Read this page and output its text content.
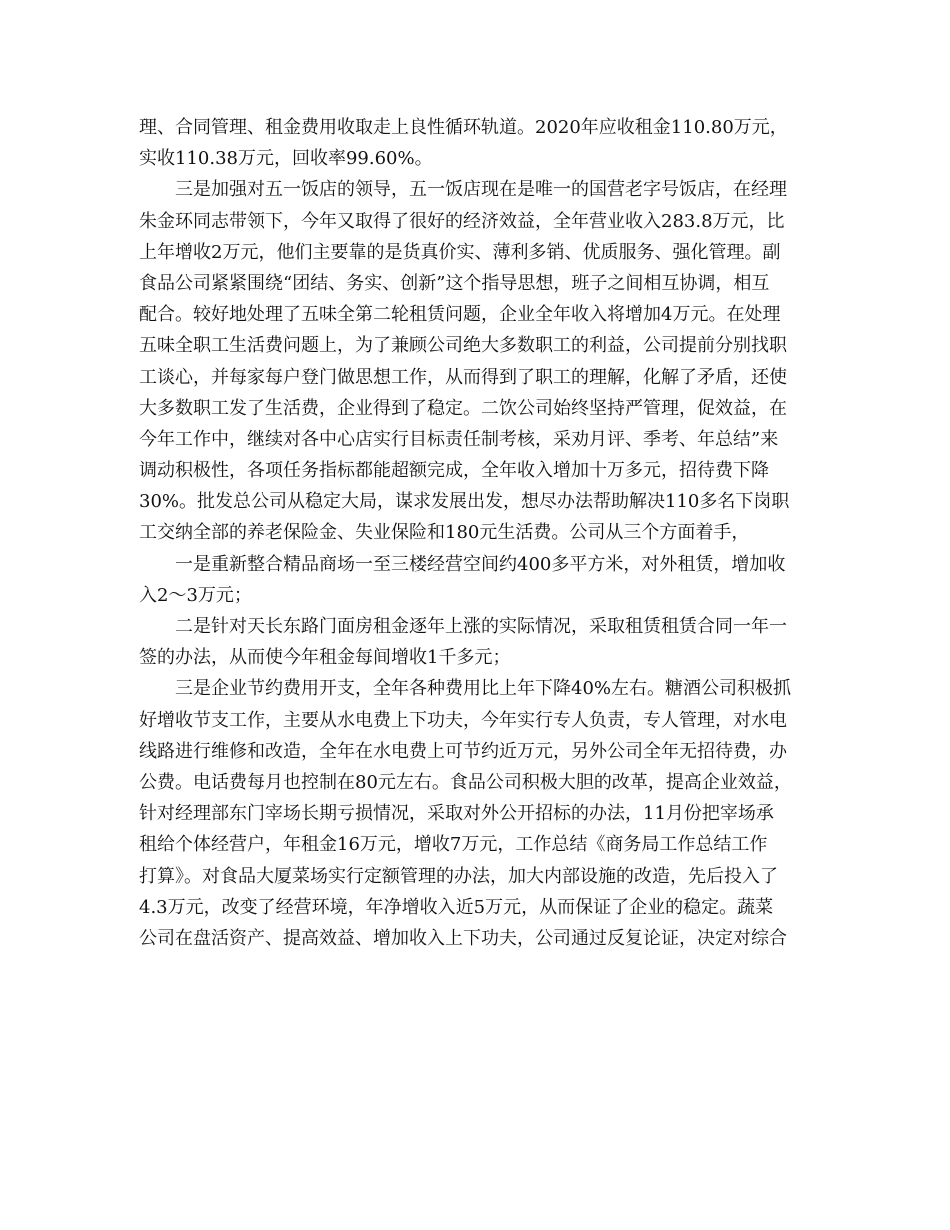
理、合同管理、租金费用收取走上良性循环轨道。2020年应收租金110.80万元，
实收110.38万元，回收率99.60%。
三是加强对五一饭店的领导，五一饭店现在是唯一的国营老字号饭店，在经理
朱金环同志带领下，今年又取得了很好的经济效益，全年营业收入283.8万元，比
上年增收2万元，他们主要靠的是货真价实、薄利多销、优质服务、强化管理。副
食品公司紧紧围绕“团结、务实、创新”这个指导思想，班子之间相互协调，相互
配合。较好地处理了五味全第二轮租赁问题，企业全年收入将增加4万元。在处理
五味全职工生活费问题上，为了兼顾公司绝大多数职工的利益，公司提前分别找职
工谈心，并每家每户登门做思想工作，从而得到了职工的理解，化解了矛盾，还使
大多数职工发了生活费，企业得到了稳定。二饮公司始终坚持严管理，促效益，在
今年工作中，继续对各中心店实行目标责任制考核，采劝月评、季考、年总结”来
调动积极性，各项任务指标都能超额完成，全年收入增加十万多元，招待费下降
30%。批发总公司从稳定大局，谋求发展出发，想尽办法帮助解决110多名下岗职
工交纳全部的养老保险金、失业保险和180元生活费。公司从三个方面着手，
一是重新整合精品商场一至三楼经营空间约400多平方米，对外租赁，增加收
入2～3万元；
二是针对天长东路门面房租金逐年上涨的实际情况，采取租赁租赁合同一年一
签的办法，从而使今年租金每间增收1千多元；
三是企业节约费用开支，全年各种费用比上年下降40%左右。糖酒公司积极抓
好增收节支工作，主要从水电费上下功夫，今年实行专人负责，专人管理，对水电
线路进行维修和改造，全年在水电费上可节约近万元，另外公司全年无招待费，办
公费。电话费每月也控制在80元左右。食品公司积极大胆的改革，提高企业效益，
针对经理部东门宰场长期亏损情况，采取对外公开招标的办法，11月份把宰场承
租给个体经营户，年租金16万元，增收7万元，工作总结《商务局工作总结工作
打算》。对食品大厦菜场实行定额管理的办法，加大内部设施的改造，先后投入了
4.3万元，改变了经营环境，年净增收入近5万元，从而保证了企业的稳定。蔬菜
公司在盘活资产、提高效益、增加收入上下功夫，公司通过反复论证，决定对综合
